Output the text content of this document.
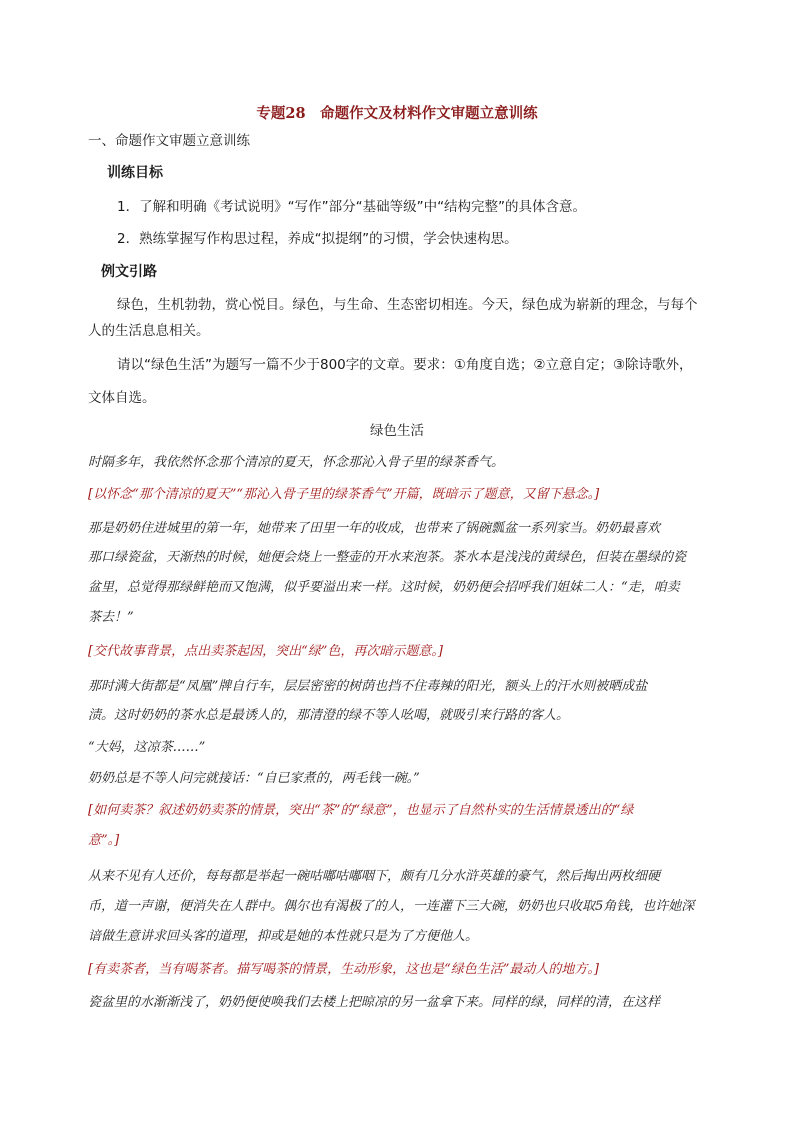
专题28　命题作文及材料作文审题立意训练
一、命题作文审题立意训练
训练目标
1．了解和明确《考试说明》“写作”部分“基础等级”中“结构完整”的具体含意。
2．熟练掌握写作构思过程，养成“拟提纲”的习惯，学会快速构思。
例文引路
绿色，生机勃勃，赏心悦目。绿色，与生命、生态密切相连。今天，绿色成为崭新的理念，与每个
人的生活息息相关。
请以“绿色生活”为题写一篇不少于800字的文章。要求：①角度自选；②立意自定；③除诗歌外，
文体自选。
绿色生活
时隔多年，我依然怀念那个清凉的夏天，怀念那沁入骨子里的绿茶香气。
[以怀念“那个清凉的夏天”“那沁入骨子里的绿茶香气”开篇，既暗示了题意，又留下悬念。]
那是奶奶住进城里的第一年，她带来了田里一年的收成，也带来了锅碗瓢盆一系列家当。奶奶最喜欢
那口绿瓷盆，天渐热的时候，她便会烧上一整壶的开水来泡茶。茶水本是浅浅的黄绿色，但装在墨绿的瓷
盆里，总觉得那绿鲜艳而又饱满，似乎要溢出来一样。这时候，奶奶便会招呼我们姐妹二人：“走，咱卖
茶去！”
[交代故事背景，点出卖茶起因，突出“绿”色，再次暗示题意。]
那时满大街都是“凤凰”牌自行车，层层密密的树荫也挡不住毒辣的阳光，额头上的汗水则被晒成盐
渍。这时奶奶的茶水总是最诱人的，那清澄的绿不等人吆喝，就吸引来行路的客人。
“大妈，这凉茶……”
奶奶总是不等人问完就接话：“自已家煮的，两毛钱一碗。”
[如何卖茶？叙述奶奶卖茶的情景，突出“茶”的“绿意”，也显示了自然朴实的生活情景透出的“绿
意”。]
从来不见有人还价，每每都是举起一碗咕嘟咕嘟咽下，颇有几分水浒英雄的豪气，然后掏出两枚细硬
币，道一声谢，便消失在人群中。偶尔也有渴极了的人，一连灌下三大碗，奶奶也只收取5角钱，也许她深
谙做生意讲求回头客的道理，抑或是她的本性就只是为了方便他人。
[有卖茶者，当有喝茶者。描写喝茶的情景，生动形象，这也是“绿色生活”最动人的地方。]
瓷盆里的水渐渐浅了，奶奶便使唤我们去楼上把晾凉的另一盆拿下来。同样的绿，同样的清，在这样
